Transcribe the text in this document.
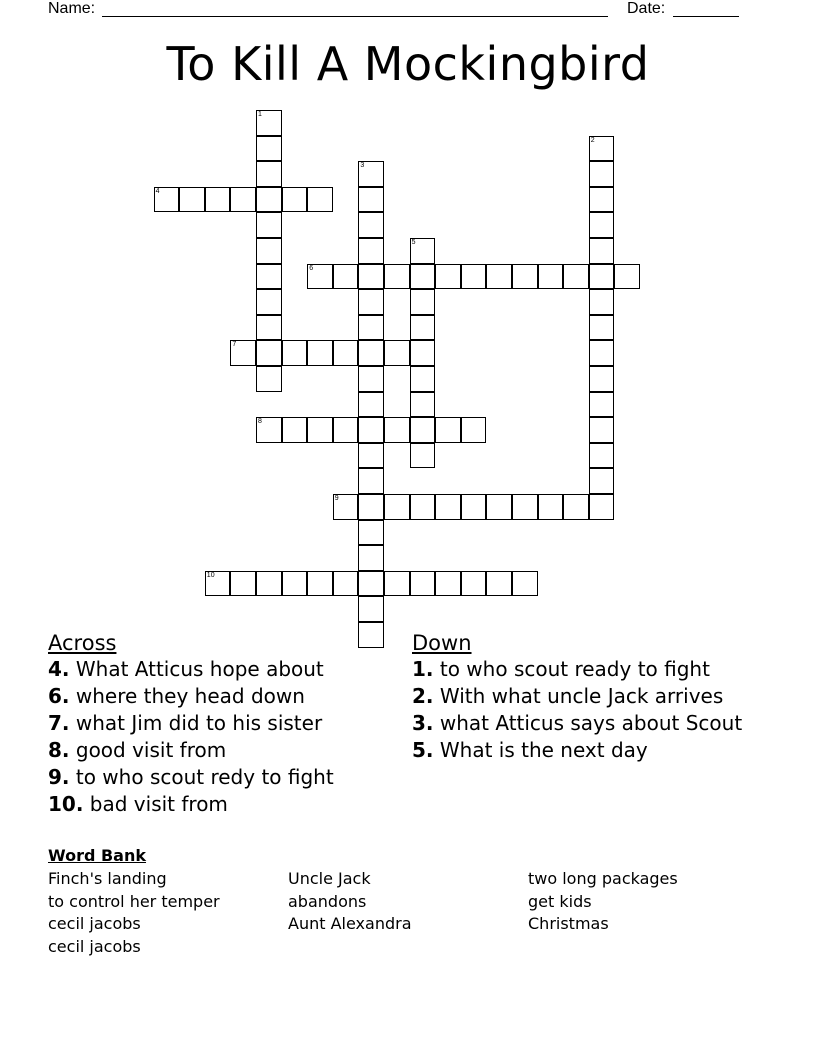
Name:	Date:
To Kill A Mockingbird
1
2
3
4
5
6
7
8
9
10
Across
4. What Atticus hope about
6. where they head down
7. what Jim did to his sister
8. good visit from
9. to who scout redy to fight
10. bad visit from
Down
1. to who scout ready to fight
2. With what uncle Jack arrives
3. what Atticus says about Scout
5. What is the next day
Word Bank
Finch's landing
to control her temper
cecil jacobs
cecil jacobs
Uncle Jack
abandons
Aunt Alexandra
two long packages
get kids
Christmas
